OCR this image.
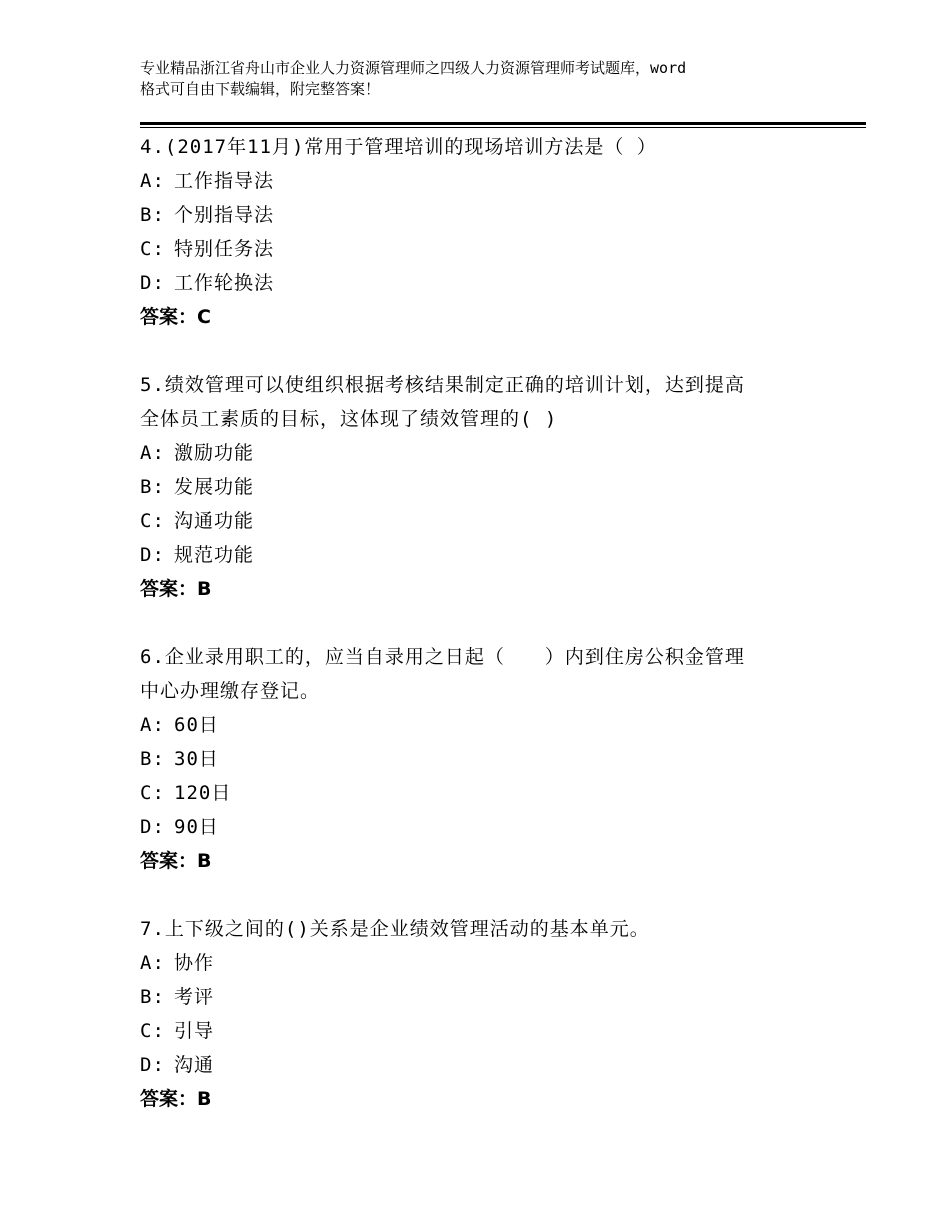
专业精品浙江省舟山市企业人力资源管理师之四级人力资源管理师考试题库，word
格式可自由下载编辑，附完整答案！
4.(2017年11月)常用于管理培训的现场培训方法是（ ）
A: 工作指导法
B: 个别指导法
C: 特别任务法
D: 工作轮换法
答案：C
5.绩效管理可以使组织根据考核结果制定正确的培训计划，达到提高
全体员工素质的目标，这体现了绩效管理的( )
A: 激励功能
B: 发展功能
C: 沟通功能
D: 规范功能
答案：B
6.企业录用职工的，应当自录用之日起（　　）内到住房公积金管理
中心办理缴存登记。
A: 60日
B: 30日
C: 120日
D: 90日
答案：B
7.上下级之间的()关系是企业绩效管理活动的基本单元。
A: 协作
B: 考评
C: 引导
D: 沟通
答案：B
